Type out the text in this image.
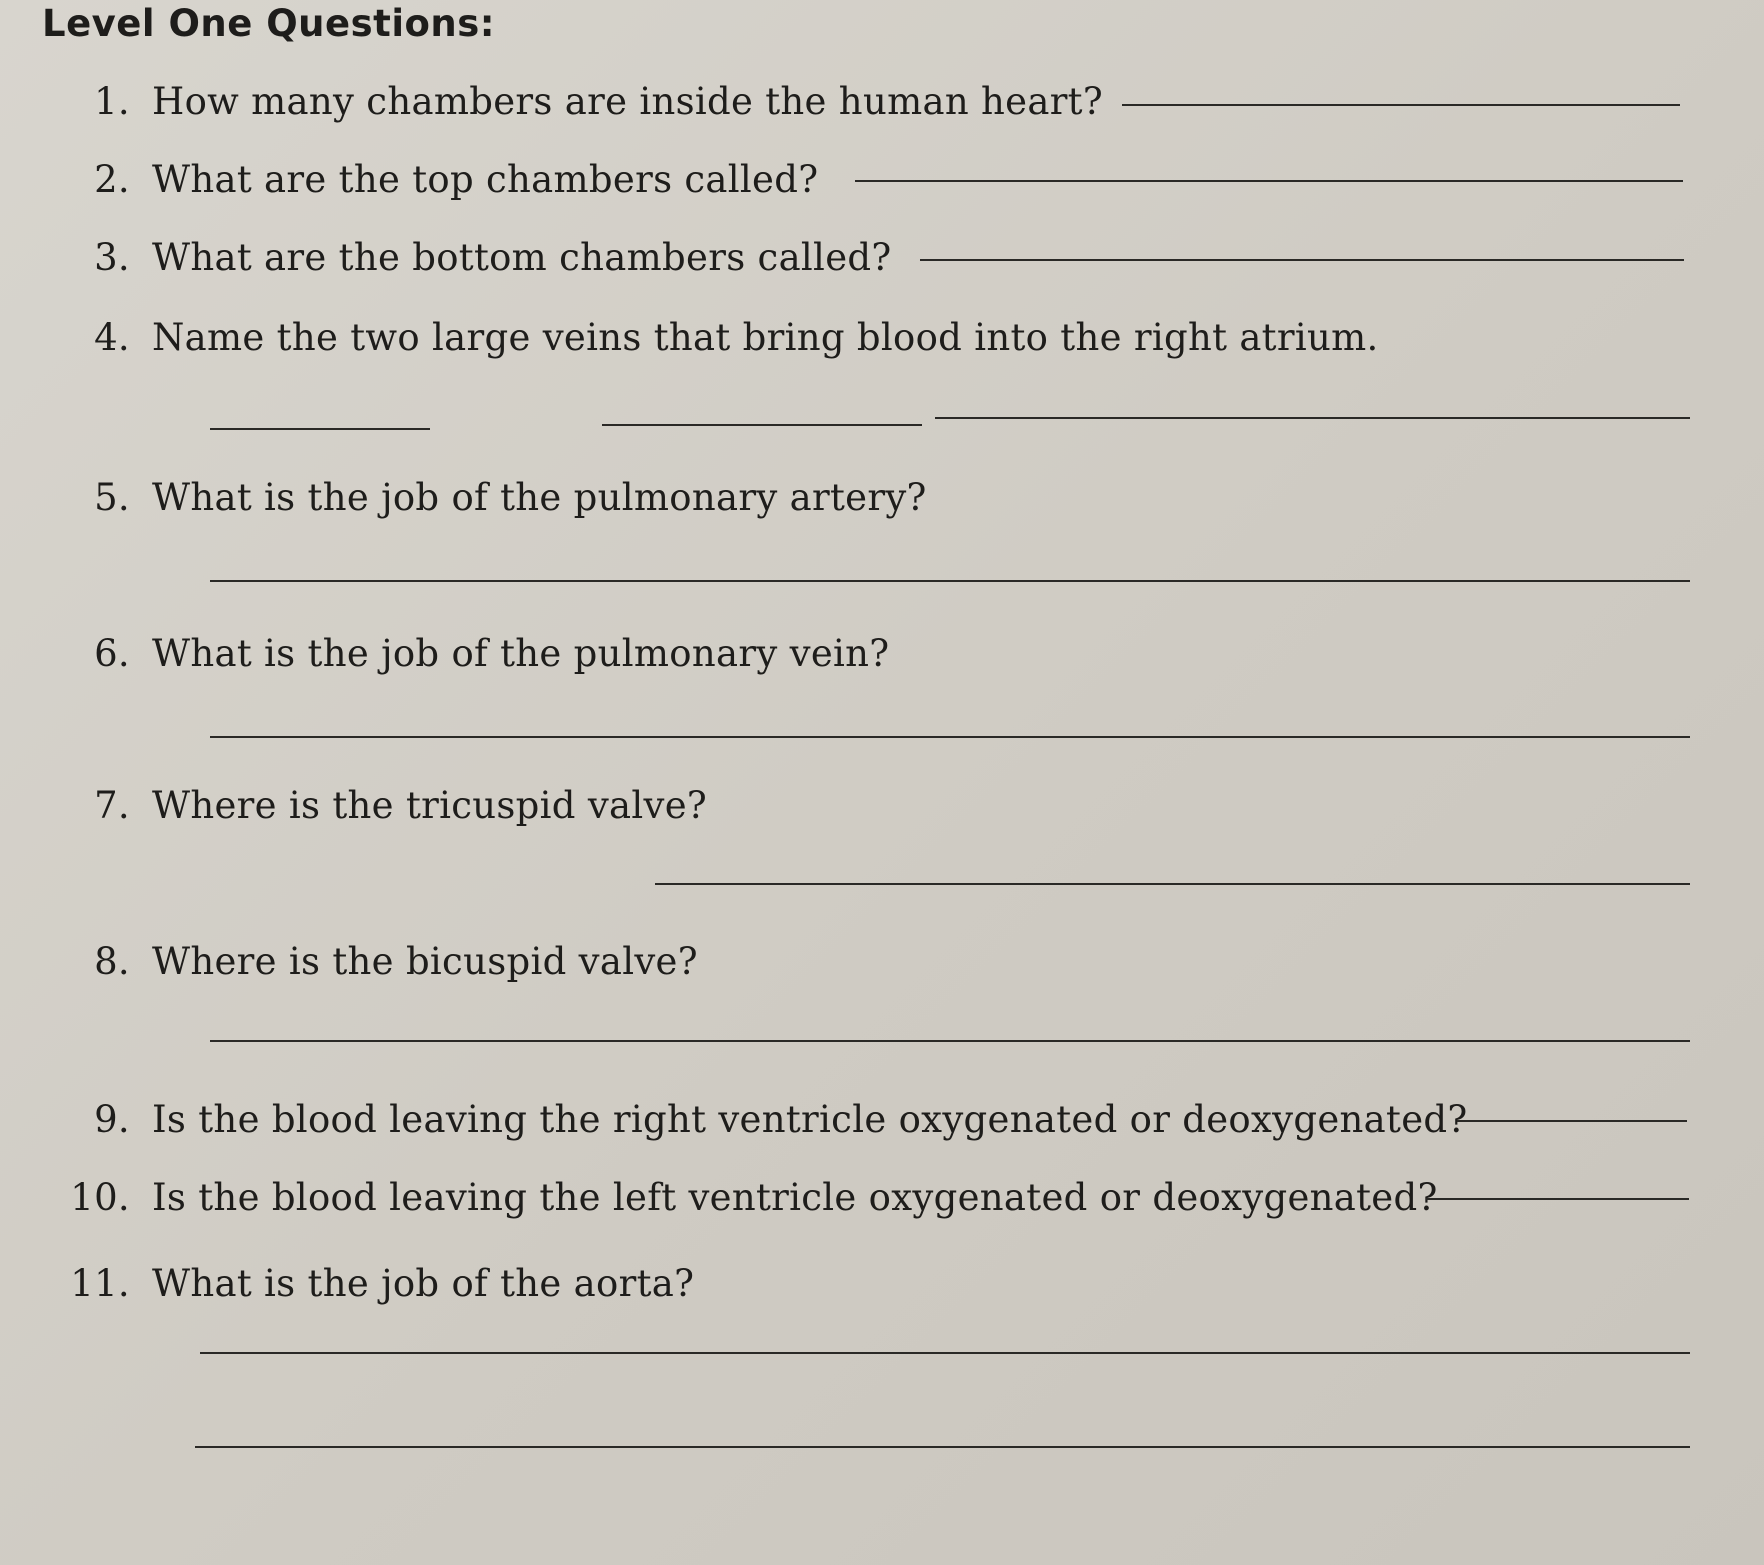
Level One Questions:
1. How many chambers are inside the human heart?
2. What are the top chambers called?
3. What are the bottom chambers called?
4. Name the two large veins that bring blood into the right atrium.
5. What is the job of the pulmonary artery?
6. What is the job of the pulmonary vein?
7. Where is the tricuspid valve?
8. Where is the bicuspid valve?
9. Is the blood leaving the right ventricle oxygenated or deoxygenated?
10. Is the blood leaving the left ventricle oxygenated or deoxygenated?
11. What is the job of the aorta?
